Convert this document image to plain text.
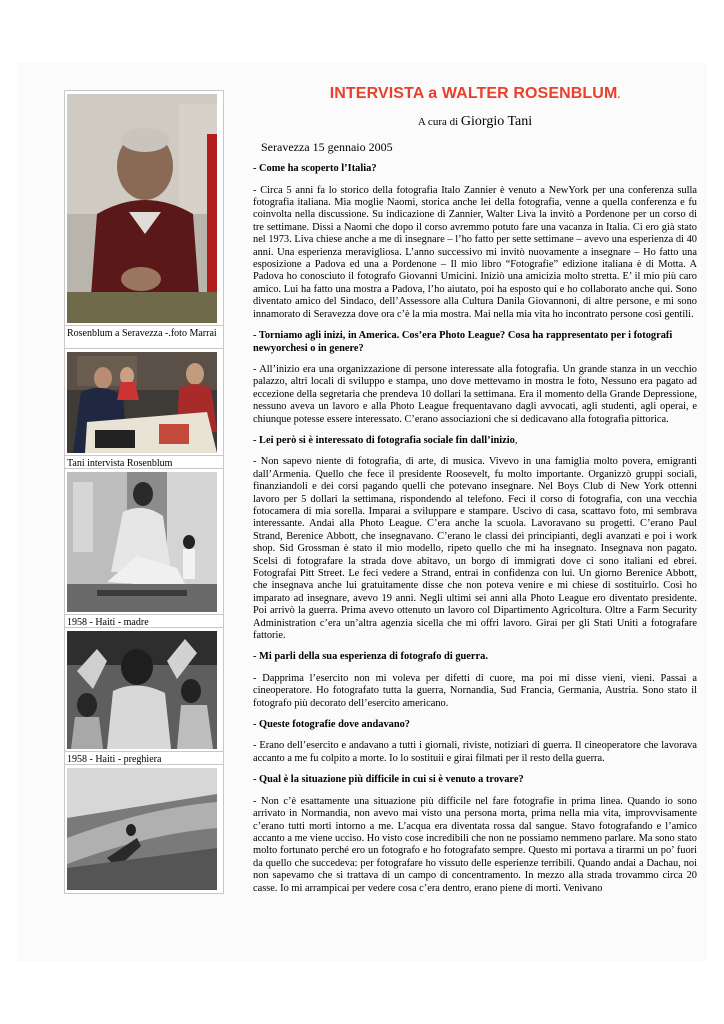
Rosenblum a Seravezza -.foto Marrai
Tani intervista Rosenblum
1958 - Haiti - madre
1958 - Haiti - preghiera
INTERVISTA a WALTER ROSENBLUM.
A cura di Giorgio Tani
Seravezza 15 gennaio 2005
- Come ha scoperto l’Italia?
- Circa 5 anni fa lo storico della fotografia Italo Zannier è venuto a NewYork per una conferenza sulla fotografia italiana. Mia moglie Naomi, storica anche lei della fotografia, venne a quella conferenza e fu coinvolta nella discussione. Su indicazione di Zannier, Walter Liva la invitò a Pordenone per un corso di tre settimane. Dissi a Naomi che dopo il corso avremmo potuto fare una vacanza in Italia. Ci ero già stato nel 1973. Liva chiese anche a me di insegnare – l’ho fatto per sette settimane – avevo una esperienza di 40 anni. Una esperienza meravigliosa. L’anno successivo mi invitò nuovamente a insegnare – Ho fatto una esposizione a Padova ed una a Pordenone – Il mio libro “Fotografie” edizione italiana è di Motta. A Padova ho conosciuto il fotografo Giovanni Umicini. Iniziò una amicizia molto stretta. E’ il mio più caro amico. Lui ha fatto una mostra a Padova, l’ho aiutato, poi ha esposto qui e ho collaborato anche qui. Sono diventato amico del Sindaco, dell’Assessore alla Cultura Danila Giovannoni, di altre persone, e mi sono innamorato di Seravezza dove ora c’è la mia mostra. Mai nella mia vita ho incontrato persone così gentili.
- Torniamo agli inizi, in America. Cos’era Photo League? Cosa ha rappresentato per i fotografi newyorchesi o in genere?
- All’inizio era una organizzazione di persone interessate alla fotografia. Un grande stanza in un vecchio palazzo, altri locali di sviluppo e stampa, uno dove mettevamo in mostra le foto, Nessuno era pagato ad eccezione della segretaria che prendeva 10 dollari la settimana. Era il momento della Grande Depressione, nessuno aveva un lavoro e alla Photo League frequentavano dagli avvocati, agli studenti, agli operai, e chiunque potesse essere interessato. C’erano associazioni che si dedicavano alla fotografia pittorica.
- Lei però si è interessato di fotografia sociale fin dall’inizio,
- Non sapevo niente di fotografia, di arte, di musica. Vivevo in una famiglia molto povera, emigranti dall’Armenia. Quello che fece il presidente Roosevelt, fu molto importante. Organizzò gruppi sociali, finanziandoli e dei corsi pagando quelli che potevano insegnare. Nel Boys Club di New York ottenni lavoro per 5 dollari la settimana, rispondendo al telefono. Feci il corso di fotografia, con una vecchia fotocamera di mia sorella. Imparai a sviluppare e stampare. Uscivo di casa, scattavo foto, mi sembrava interessante. Andai alla Photo League. C’era anche la scuola. Lavoravano su progetti. C’erano Paul Strand, Berenice Abbott, che insegnavano. C’erano le classi dei principianti, degli avanzati e poi i work shop. Sid Grossman è stato il mio modello, ripeto quello che mi ha insegnato. Insegnava non pagato. Scelsi di fotografare la strada dove abitavo, un borgo di immigrati dove ci sono italiani ed ebrei. Fotografai Pitt Street. Le feci vedere a Strand, entrai in confidenza con lui. Un giorno Berenice Abbott, che insegnava anche lui gratuitamente disse che non poteva venire e mi chiese di sostituirlo. Così ho imparato ad insegnare, avevo 19 anni. Negli ultimi sei anni alla Photo League ero diventato presidente. Poi arrivò la guerra. Prima avevo ottenuto un lavoro col Dipartimento Agricoltura. Oltre a Farm Security Administration c’era un’altra agenzia sicella che mi offri lavoro. Girai per gli Stati Uniti a fotografare fattorie.
- Mi parli della sua esperienza di fotografo di guerra.
- Dapprima l’esercito non mi voleva per difetti di cuore, ma poi mi disse vieni, vieni. Passai a cineoperatore. Ho fotografato tutta la guerra, Nornandia, Sud Francia, Germania, Austria. Sono stato il fotografo più decorato dell’esercito americano.
- Queste fotografie dove andavano?
- Erano dell’esercito e andavano a tutti i giornali, riviste, notiziari di guerra. Il cineoperatore che lavorava accanto a me fu colpito a morte. Io lo sostituii e girai filmati per il resto della guerra.
- Qual è la situazione più difficile in cui si è venuto a trovare?
- Non c’è esattamente una situazione più difficile nel fare fotografie in prima linea. Quando io sono arrivato in Normandia, non avevo mai visto una persona morta, prima nella mia vita, improvvisamente c’erano tutti morti intorno a me. L’acqua era diventata rossa dal sangue. Stavo fotografando e l’amico accanto a me viene ucciso. Ho visto cose incredibili che non ne possiamo nemmeno parlare. Ma sono stato molto fortunato perché ero un fotografo e ho fotografato sempre. Questo mi portava a tirarmi un po’ fuori da quello che succedeva: per fotografare ho vissuto delle esperienze terribili. Quando andai a Dachau, noi non sapevamo che si trattava di un campo di concentramento. In mezzo alla strada trovammo circa 20 casse. Io mi arrampicai per vedere cosa c’era dentro, erano piene di morti. Venivano
